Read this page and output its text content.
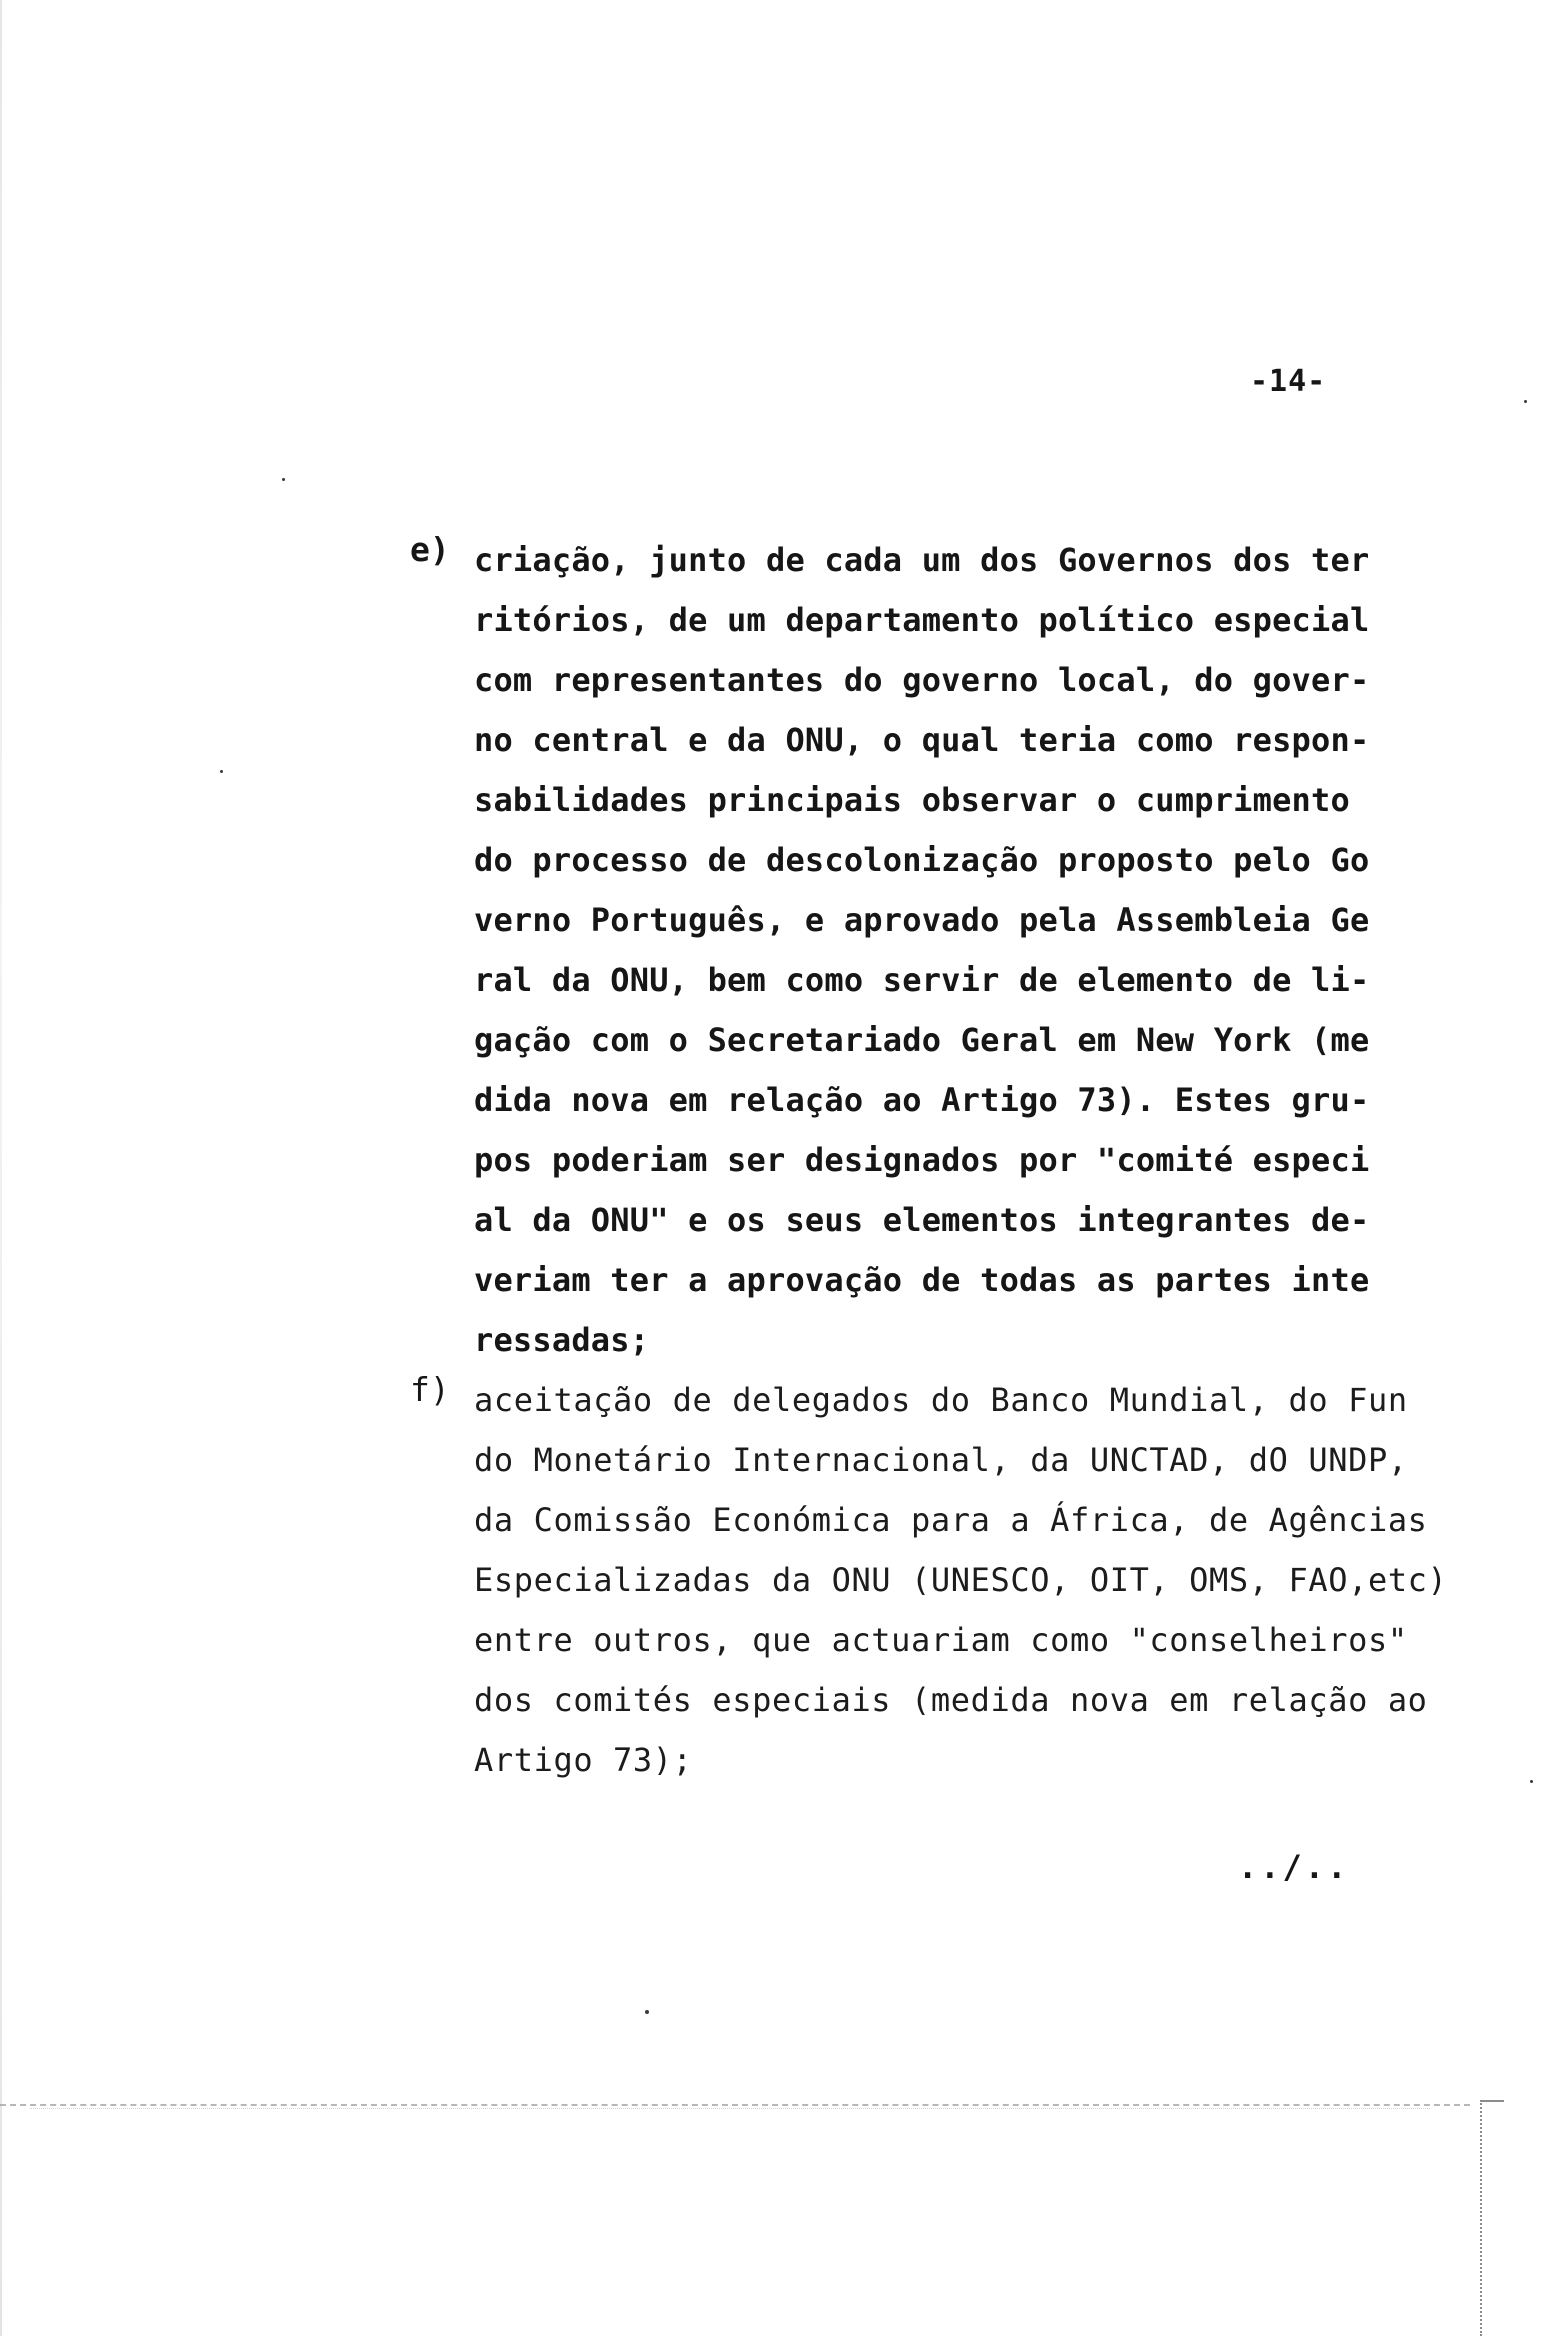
-14-
e) criação, junto de cada um dos Governos dos ter
ritórios, de um departamento político especial
com representantes do governo local, do gover-
no central e da ONU, o qual teria como respon-
sabilidades principais observar o cumprimento
do processo de descolonização proposto pelo Go
verno Português, e aprovado pela Assembleia Ge
ral da ONU, bem como servir de elemento de li-
gação com o Secretariado Geral em New York (me
dida nova em relação ao Artigo 73). Estes gru-
pos poderiam ser designados por "comité especi
al da ONU" e os seus elementos integrantes de-
veriam ter a aprovação de todas as partes inte
ressadas;
f) aceitação de delegados do Banco Mundial, do Fun
do Monetário Internacional, da UNCTAD, dO UNDP,
da Comissão Económica para a África, de Agências
Especializadas da ONU (UNESCO, OIT, OMS, FAO,etc)
entre outros, que actuariam como "conselheiros"
dos comités especiais (medida nova em relação ao
Artigo 73);
../..
